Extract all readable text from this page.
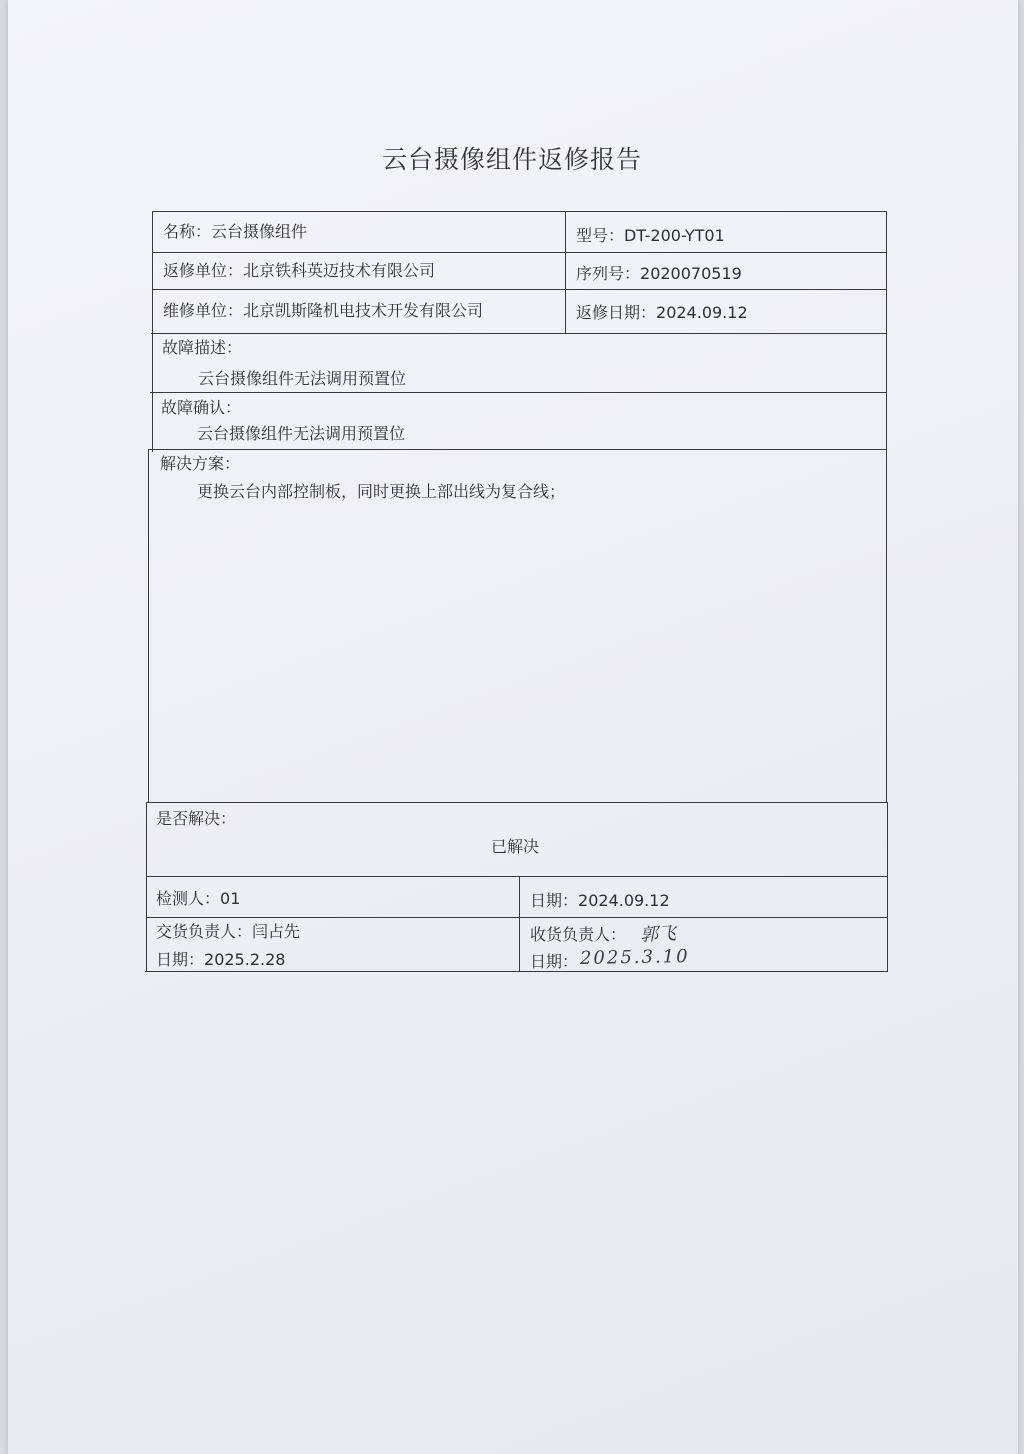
云台摄像组件返修报告
名称：云台摄像组件	型号：DT-200-YT01
返修单位：北京铁科英迈技术有限公司	序列号：2020070519
维修单位：北京凯斯隆机电技术开发有限公司	返修日期：2024.09.12
故障描述：
云台摄像组件无法调用预置位
故障确认：
云台摄像组件无法调用预置位
解决方案：
更换云台内部控制板，同时更换上部出线为复合线；
是否解决：
已解决
检测人：01	日期：2024.09.12
交货负责人：闫占先
日期：2025.2.28
收货负责人： 郭飞
日期： 2025.3.10
